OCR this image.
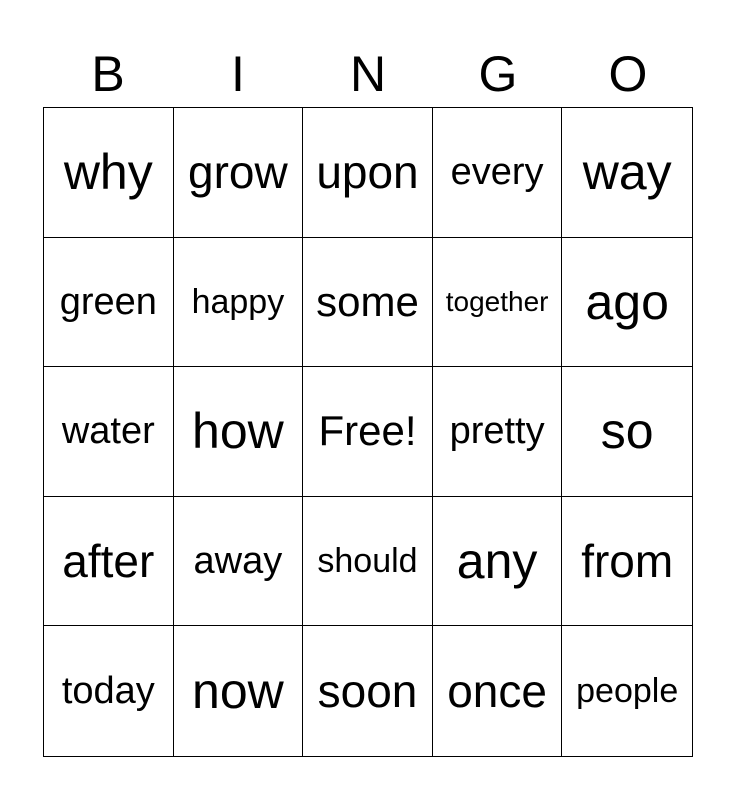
B	I	N	G	O
why grow upon every way
green	happy some together ago
water how Free! pretty	so
after	away	should any from
today now soon once people
